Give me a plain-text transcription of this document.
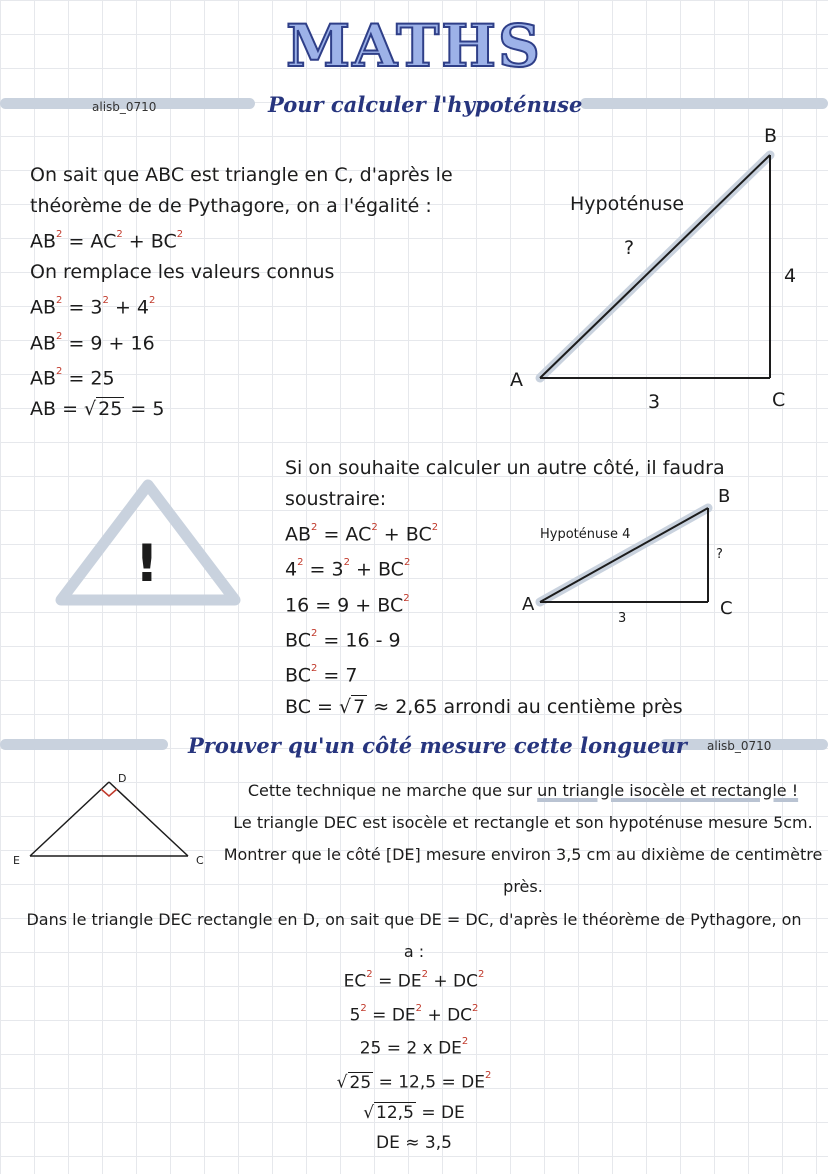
MATHS
alisb_0710	Pour calculer l'hypoténuse
On sait que ABC est triangle en C, d'après le
théorème de de Pythagore, on a l'égalité :
$AB^2 = AC^2 + BC^2$
On remplace les valeurs connus
$AB^2 = 3^2 + 4^2$
$AB^2 = 9 + 16$
$AB^2 = 25$
AB = √ 25 = 5
B
A
C
Hypoténuse
?
4
3
!
Si on souhaite calculer un autre côté, il faudra
soustraire:
$AB^2 = AC^2 + BC^2$
$4^2 = 3^2 + BC^2$
$16 = 9 + BC^2$
$BC^2 = 16 - 9$
$BC^2 = 7$
BC = √ 7 ≈ 2,65 arrondi au centième près
B
A	C
Hypoténuse 4
?
3
Prouver qu'un côté mesure cette longueur alisb_0710
D
E	C
Cette technique ne marche que sur un triangle isocèle et rectangle !
Le triangle DEC est isocèle et rectangle et son hypoténuse mesure 5cm.
Montrer que le côté [DE] mesure environ 3,5 cm au dixième de centimètre
près.
Dans le triangle DEC rectangle en D, on sait que DE = DC, d'après le théorème de Pythagore, on
a :
$EC^2 = DE^2 + DC^2$
$5^2 = DE^2 + DC^2$
25 = 2 x $DE^2$
√ $25 = 12,5 = DE^2$
√ 12,5 = DE
DE ≈ 3,5
